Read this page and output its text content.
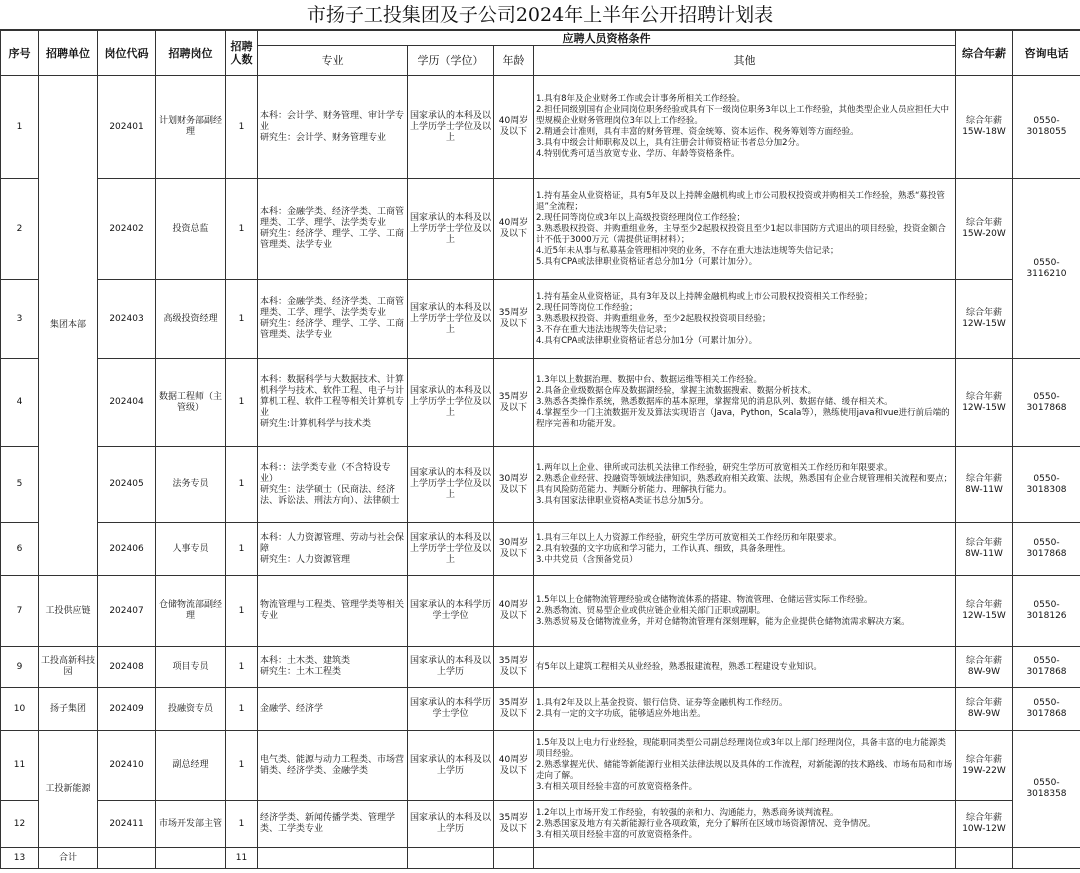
市扬子工投集团及子公司2024年上半年公开招聘计划表
序号	招聘单位	岗位代码	招聘岗位	招聘人数	应聘人员资格条件				综合年薪	咨询电话
					专业	学历（学位）	年龄	其他		
1	集团本部	202401	计划财务部副经理	1	本科：会计学、财务管理、审计学专业
研究生：会计学、财务管理专业	国家承认的本科及以上学历学士学位及以上	40周岁及以下	1.具有8年及企业财务工作或会计事务所相关工作经验。
2.担任同级别国有企业同岗位职务经验或具有下一级岗位职务3年以上工作经验，其他类型企业人员应担任大中型规模企业财务管理岗位3年以上工作经验。
2.精通会计准则，具有丰富的财务管理、资金统筹、资本运作、税务筹划等方面经验。
3.具有中级会计师职称及以上，具有注册会计师资格证书者总分加2分。
4.特别优秀可适当放宽专业、学历、年龄等资格条件。	综合年薪15W-18W	0550-3018055
2		202402	投资总监	1	本科：金融学类、经济学类、工商管理类、工学、理学、法学类专业
研究生：经济学、理学、工学、工商管理类、法学专业	国家承认的本科及以上学历学士学位及以上	40周岁及以下	1.持有基金从业资格证，具有5年及以上持牌金融机构或上市公司股权投资或并购相关工作经验，熟悉“募投管退”全流程；
2.现任同等岗位或3年以上高级投资经理岗位工作经验；
3.熟悉股权投资、并购重组业务，主导至少2起股权投资且至少1起以非国防方式退出的项目经验，投资金额合计不低于3000万元（需提供证明材料）；
4.近5年未从事与私募基金管理相冲突的业务，不存在重大违法违规等失信记录；
5.具有CPA或法律职业资格证者总分加1分（可累计加分）。	综合年薪15W-20W	0550-3116210
3		202403	高级投资经理	1	本科：金融学类、经济学类、工商管理类、工学、理学、法学类专业
研究生：经济学、理学、工学、工商管理类、法学专业	国家承认的本科及以上学历学士学位及以上	35周岁及以下	1.持有基金从业资格证，具有3年及以上持牌金融机构或上市公司股权投资相关工作经验；
2.现任同等岗位工作经验；
3.熟悉股权投资、并购重组业务，至少2起股权投资项目经验；
3.不存在重大违法违规等失信记录；
4.具有CPA或法律职业资格证者总分加1分（可累计加分）。	综合年薪12W-15W	
4		202404	数据工程师（主管级）	1	本科：数据科学与大数据技术、计算机科学与技术、软件工程、电子与计算机工程、软件工程等相关计算机专业
研究生:计算机科学与技术类	国家承认的本科及以上学历学士学位及以上	35周岁及以下	1.3年以上数据治理、数据中台、数据运维等相关工作经验。
2.具备企业级数据仓库及数据湖经验，掌握主流数据搜索、数据分析技术。
3.熟悉各类操作系统，熟悉数据库的基本原理，掌握常见的消息队列、数据存储、缓存相关术。
4.掌握至少一门主流数据开发及算法实现语言（Java，Python，Scala等），熟练使用java和vue进行前后端的程序完善和功能开发。	综合年薪12W-15W	0550-3017868
5		202405	法务专员	1	本科：：法学类专业（不含特设专业）
研究生：法学硕士（民商法、经济法、诉讼法、刑法方向）、法律硕士	国家承认的本科及以上学历学士学位及以上	30周岁及以下	1.两年以上企业、律所或司法机关法律工作经验，研究生学历可放宽相关工作经历和年限要求。
2.熟悉企业经营、投融资等领域法律知识，熟悉政府相关政策、法规，熟悉国有企业合规管理相关流程和要点；具有风险防范能力、判断分析能力、理解执行能力。
3.具有国家法律职业资格A类证书总分加5分。	综合年薪8W-11W	0550-3018308
6		202406	人事专员	1	本科：人力资源管理、劳动与社会保障
研究生：人力资源管理	国家承认的本科及以上学历学士学位及以上	30周岁及以下	1.具有三年以上人力资源工作经验，研究生学历可放宽相关工作经历和年限要求。
2.具有较强的文字功底和学习能力，工作认真、细致，具备条理性。
3.中共党员（含预备党员）	综合年薪8W-11W	0550-3017868
7	工投供应链	202407	仓储物流部副经理	1	物流管理与工程类、管理学类等相关专业	国家承认的本科学历学士学位	40周岁及以下	1.5年以上仓储物流管理经验或仓储物流体系的搭建、物流管理、仓储运营实际工作经验。
2.熟悉物流、贸易型企业或供应链企业相关部门正职或副职。
3.熟悉贸易及仓储物流业务，并对仓储物流管理有深刻理解，能为企业提供仓储物流需求解决方案。	综合年薪12W-15W	0550-3018126
9	工投高新科技园	202408	项目专员	1	本科：土木类、建筑类
研究生：土木工程类	国家承认的本科及以上学历	35周岁及以下	有5年以上建筑工程相关从业经验，熟悉报建流程，熟悉工程建设专业知识。	综合年薪8W-9W	0550-3017868
10	扬子集团	202409	投融资专员	1	金融学、经济学	国家承认的本科学历学士学位	35周岁及以下	1.具有2年及以上基金投资、银行信贷、证券等金融机构工作经历。
2.具有一定的文字功底，能够适应外地出差。	综合年薪8W-9W	0550-3017868
11	工投新能源	202410	副总经理	1	电气类、能源与动力工程类、市场营销类、经济学类、金融学类	国家承认的本科及以上学历	40周岁及以下	1.5年及以上电力行业经验，现能职同类型公司副总经理岗位或3年以上部门经理岗位，具备丰富的电力能源类项目经验。
2.熟悉掌握光伏、储能等新能源行业相关法律法规以及具体的工作流程，对新能源的技术路线、市场布局和市场走向了解。
3.有相关项目经验丰富的可放宽资格条件。	综合年薪19W-22W	0550-3018358
12		202411	市场开发部主管	1	经济学类、新闻传播学类、管理学类、工学类专业	国家承认的本科及以上学历	35周岁及以下	1.2年以上市场开发工作经验，有较强的亲和力、沟通能力，熟悉商务谈判流程。
2.熟悉国家及地方有关新能源行业各项政策，充分了解所在区域市场资源情况、竞争情况。
3.有相关项目经验丰富的可放宽资格条件。	综合年薪10W-12W	
13	合计			11						
